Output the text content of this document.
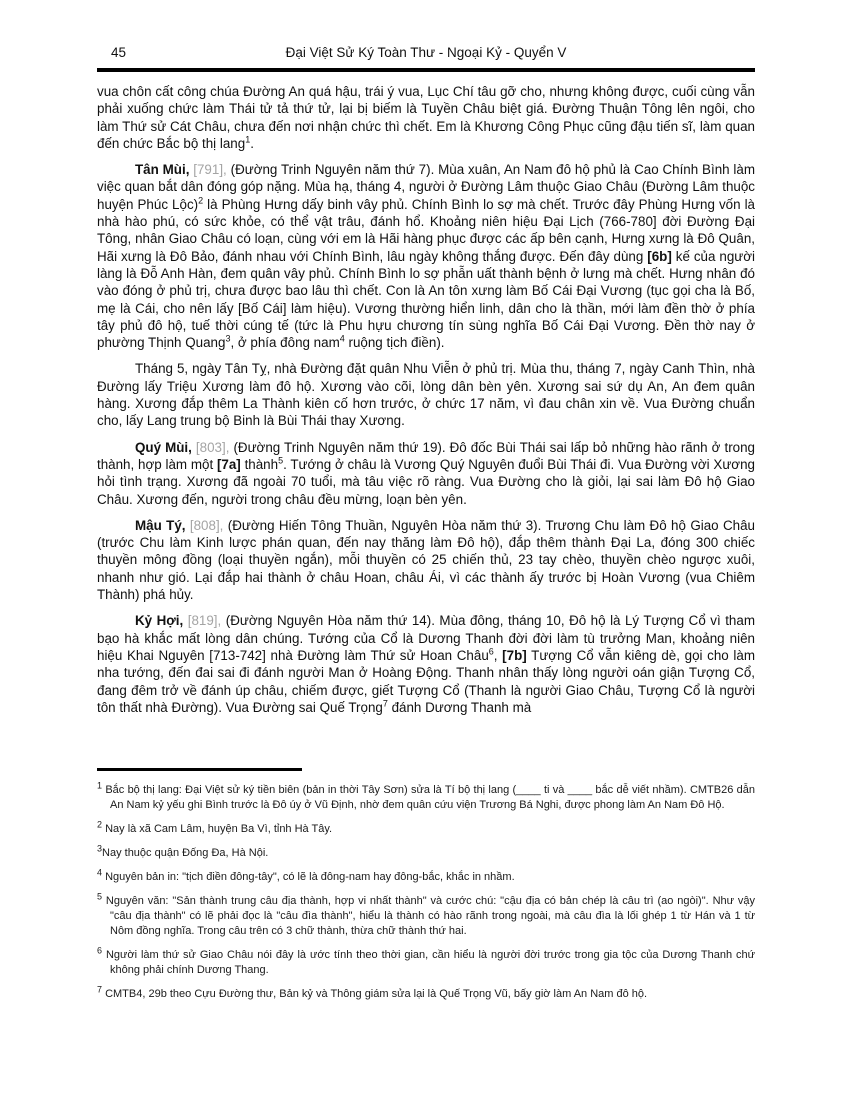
45	Đại Việt Sử Ký Toàn Thư - Ngoại Kỷ - Quyển V

vua chôn cất công chúa Đường An quá hậu, trái ý vua, Lục Chí tâu gỡ cho, nhưng không được, cuối cùng vẫn phải xuống chức làm Thái tử tả thứ tử, lại bị biếm là Tuyền Châu biệt giá. Đường Thuận Tông lên ngôi, cho làm Thứ sử Cát Châu, chưa đến nơi nhận chức thì chết. Em là Khương Công Phục cũng đậu tiến sĩ, làm quan đến chức Bắc bộ thị lang$^1$.

Tân Mùi, [791], (Đường Trinh Nguyên năm thứ 7). Mùa xuân, An Nam đô hộ phủ là Cao Chính Bình làm việc quan bắt dân đóng góp nặng. Mùa hạ, tháng 4, người ở Đường Lâm thuộc Giao Châu (Đường Lâm thuộc huyện Phúc Lộc)$^2$ là Phùng Hưng dấy binh vây phủ. Chính Bình lo sợ mà chết. Trước đây Phùng Hưng vốn là nhà hào phú, có sức khỏe, có thể vật trâu, đánh hổ. Khoảng niên hiệu Đại Lịch (766-780] đời Đường Đại Tông, nhân Giao Châu có loạn, cùng với em là Hãi hàng phục được các ấp bên cạnh, Hưng xưng là Đô Quân, Hãi xưng là Đô Bảo, đánh nhau với Chính Bình, lâu ngày không thắng được. Đến đây dùng [6b] kế của người làng là Đỗ Anh Hàn, đem quân vây phủ. Chính Bình lo sợ phẫn uất thành bệnh ở lưng mà chết. Hưng nhân đó vào đóng ở phủ trị, chưa được bao lâu thì chết. Con là An tôn xưng làm Bố Cái Đại Vương (tục gọi cha là Bố, mẹ là Cái, cho nên lấy [Bố Cái] làm hiệu). Vương thường hiển linh, dân cho là thần, mới làm đền thờ ở phía tây phủ đô hộ, tuế thời cúng tế (tức là Phu hựu chương tín sùng nghĩa Bố Cái Đại Vương. Đền thờ nay ở phường Thịnh Quang$^3$, ở phía đông nam$^4$ ruộng tịch điền).

Tháng 5, ngày Tân Tỵ, nhà Đường đặt quân Nhu Viễn ở phủ trị. Mùa thu, tháng 7, ngày Canh Thìn, nhà Đường lấy Triệu Xương làm đô hộ. Xương vào cõi, lòng dân bèn yên. Xương sai sứ dụ An, An đem quân hàng. Xương đắp thêm La Thành kiên cố hơn trước, ở chức 17 năm, vì đau chân xin về. Vua Đường chuẩn cho, lấy Lang trung bộ Binh là Bùi Thái thay Xương.

Quý Mùi, [803], (Đường Trinh Nguyên năm thứ 19). Đô đốc Bùi Thái sai lấp bỏ những hào rãnh ở trong thành, hợp làm một [7a] thành$^5$. Tướng ở châu là Vương Quý Nguyên đuổi Bùi Thái đi. Vua Đường vời Xương hỏi tình trạng. Xương đã ngoài 70 tuổi, mà tâu việc rõ ràng. Vua Đường cho là giỏi, lại sai làm Đô hộ Giao Châu. Xương đến, người trong châu đều mừng, loạn bèn yên.

Mậu Tý, [808], (Đường Hiến Tông Thuần, Nguyên Hòa năm thứ 3). Trương Chu làm Đô hộ Giao Châu (trước Chu làm Kinh lược phán quan, đến nay thăng làm Đô hộ), đắp thêm thành Đại La, đóng 300 chiếc thuyền mông đồng (loại thuyền ngắn), mỗi thuyền có 25 chiến thủ, 23 tay chèo, thuyền chèo ngược xuôi, nhanh như gió. Lại đắp hai thành ở châu Hoan, châu Ái, vì các thành ấy trước bị Hoàn Vương (vua Chiêm Thành) phá hủy.

Kỷ Hợi, [819], (Đường Nguyên Hòa năm thứ 14). Mùa đông, tháng 10, Đô hộ là Lý Tượng Cổ vì tham bạo hà khắc mất lòng dân chúng. Tướng của Cổ là Dương Thanh đời đời làm tù trưởng Man, khoảng niên hiệu Khai Nguyên [713-742] nhà Đường làm Thứ sử Hoan Châu$^6$, [7b] Tượng Cổ vẫn kiêng dè, gọi cho làm nha tướng, đến đai sai đi đánh người Man ở Hoàng Động. Thanh nhân thấy lòng người oán giận Tượng Cổ, đang đêm trở về đánh úp châu, chiếm được, giết Tượng Cổ (Thanh là người Giao Châu, Tượng Cổ là người tôn thất nhà Đường). Vua Đường sai Quế Trọng$^7$ đánh Dương Thanh mà

$^1$ Bắc bộ thị lang: Đại Việt sử ký tiền biên (bản in thời Tây Sơn) sửa là Tí bộ thị lang (____ ti và ____ bắc dễ viết nhầm). CMTB26 dẫn An Nam kỷ yếu ghi Bình trước là Đô úy ở Vũ Định, nhờ đem quân cứu viện Trương Bá Nghi, được phong làm An Nam Đô Hộ.

$^2$ Nay là xã Cam Lâm, huyện Ba Vì, tỉnh Hà Tây.

$^3$Nay thuộc quận Đống Đa, Hà Nội.

$^4$ Nguyên bản in: "tịch điền đông-tây", có lẽ là đông-nam hay đông-bắc, khắc in nhầm.

$^5$ Nguyên văn: "Sản thành trung câu địa thành, hợp vi nhất thành" và cước chú: "cậu địa có bản chép là câu trì (ao ngòi)". Như vậy "câu địa thành" có lẽ phải đọc là "câu đìa thành", hiểu là thành có hào rãnh trong ngoài, mà câu đìa là lối ghép 1 từ Hán và 1 từ Nôm đồng nghĩa. Trong câu trên có 3 chữ thành, thừa chữ thành thứ hai.

$^6$ Người làm thứ sử Giao Châu nói đây là ước tính theo thời gian, cần hiểu là người đời trước trong gia tộc của Dương Thanh chứ không phải chính Dương Thang.

$^7$ CMTB4, 29b theo Cựu Đường thư, Bản kỷ và Thông giám sửa lại là Quế Trọng Vũ, bấy giờ làm An Nam đô hộ.
